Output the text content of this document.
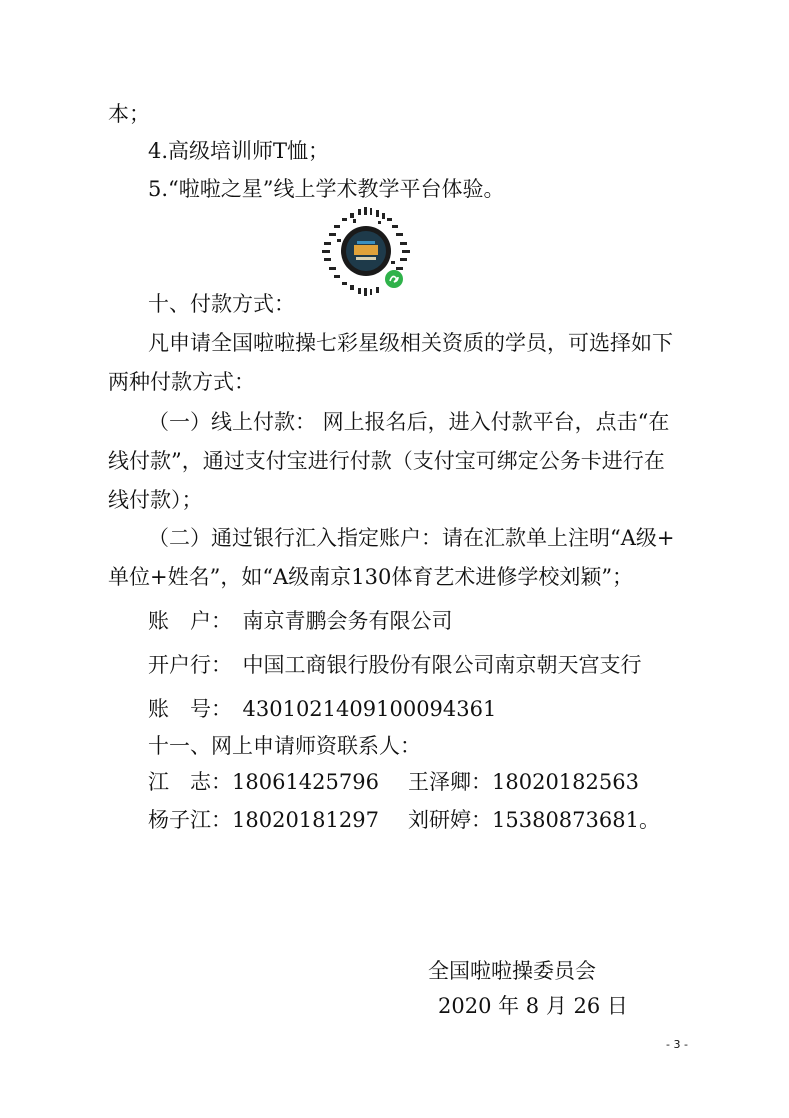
本；
4.高级培训师T恤；
5.“啦啦之星”线上学术教学平台体验。
十、付款方式：
凡申请全国啦啦操七彩星级相关资质的学员，可选择如下
两种付款方式：
（一）线上付款： 网上报名后，进入付款平台，点击“在
线付款”，通过支付宝进行付款（支付宝可绑定公务卡进行在
线付款）；
（二）通过银行汇入指定账户：请在汇款单上注明“A级+
单位+姓名”，如“A级南京130体育艺术进修学校刘颖”；
账　户：　南京青鹏会务有限公司
开户行：　中国工商银行股份有限公司南京朝天宫支行
账　号：　4301021409100094361
十一、网上申请师资联系人：
江　志：18061425796 王泽卿：18020182563
杨子江：18020181297 刘研婷：15380873681。
全国啦啦操委员会
2020 年 8 月 26 日
- 3 -
